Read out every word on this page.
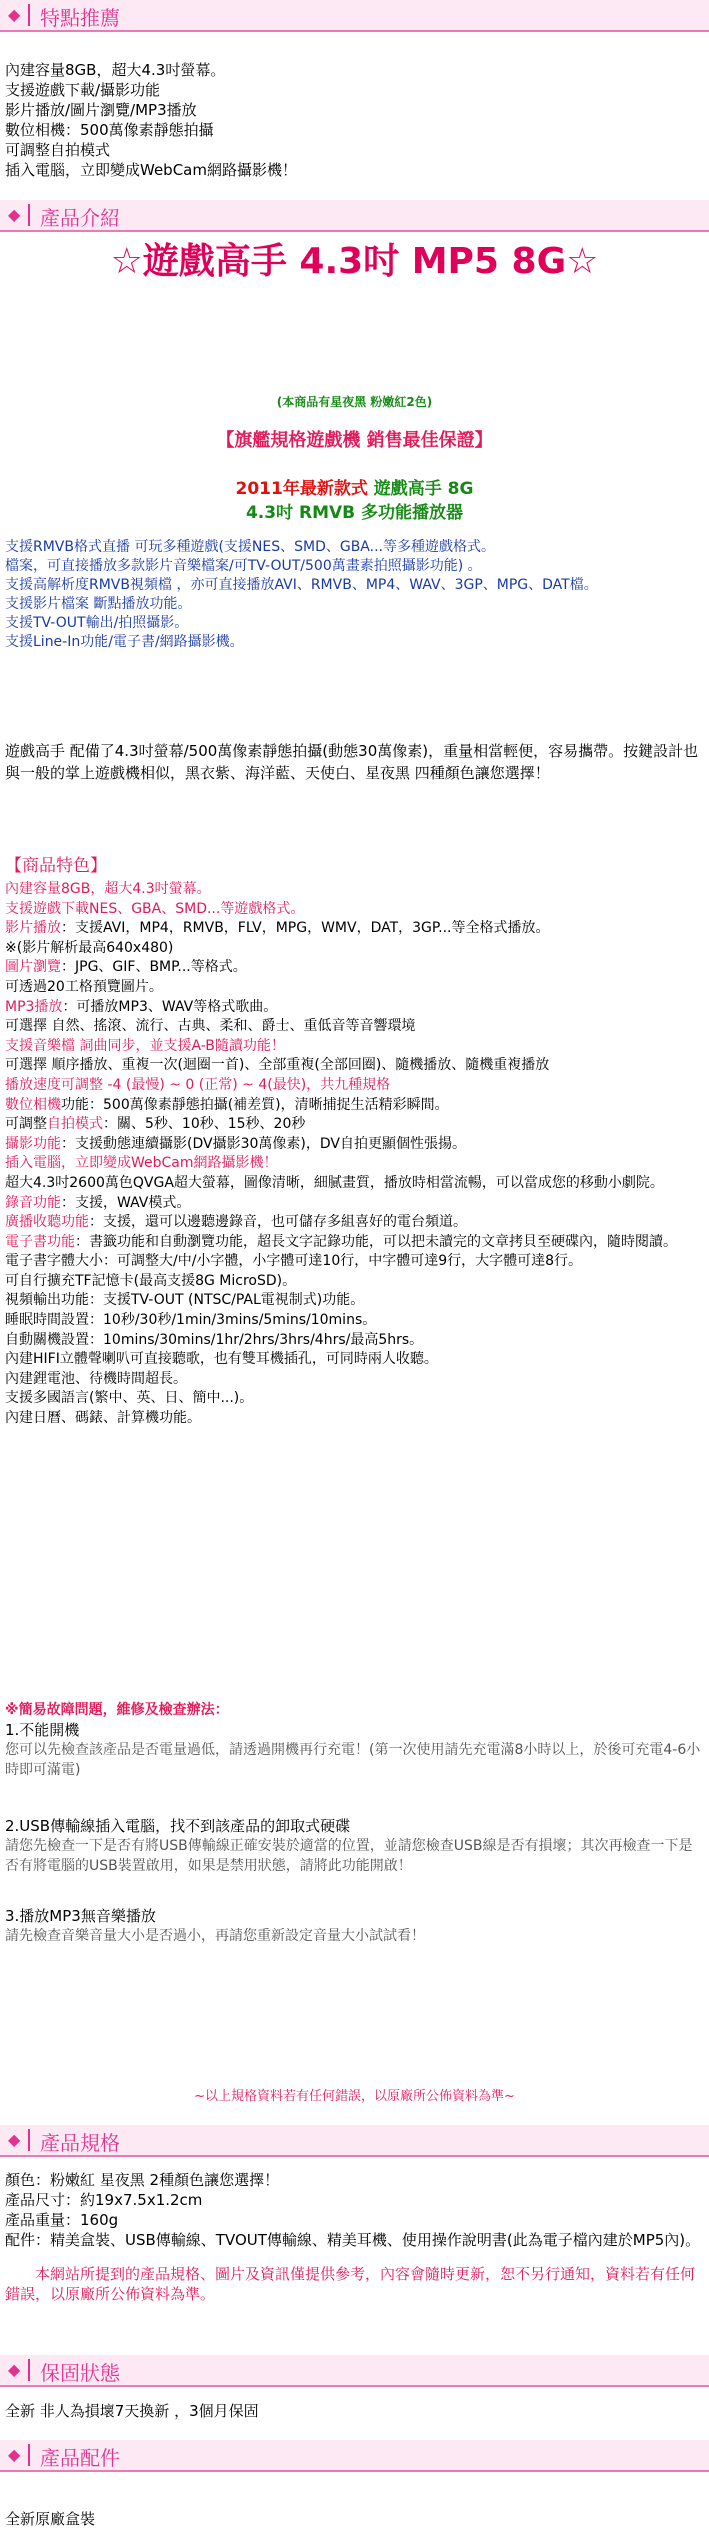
◆ 特點推薦

內建容量8GB，超大4.3吋螢幕。

支援遊戲下載/攝影功能

影片播放/圖片瀏覽/MP3播放

數位相機：500萬像素靜態拍攝

可調整自拍模式

插入電腦，立即變成WebCam網路攝影機！

◆ 產品介紹
☆遊戲高手 4.3吋 MP5 8G☆
(本商品有星夜黑 粉嫩紅2色)
【旗艦規格遊戲機 銷售最佳保證】
2011年最新款式 遊戲高手 8G
4.3吋 RMVB 多功能播放器

支援RMVB格式直播 可玩多種遊戲(支援NES、SMD、GBA...等多種遊戲格式。

檔案，可直接播放多款影片音樂檔案/可TV-OUT/500萬畫素拍照攝影功能) 。

支援高解析度RMVB視頻檔 ，亦可直接播放AVI、RMVB、MP4、WAV、3GP、MPG、DAT檔。

支援影片檔案 斷點播放功能。

支援TV-OUT輸出/拍照攝影。

支援Line-In功能/電子書/網路攝影機。

遊戲高手 配備了4.3吋螢幕/500萬像素靜態拍攝(動態30萬像素)，重量相當輕便，容易攜帶。按鍵設計也與一般的掌上遊戲機相似，黑衣紫、海洋藍、天使白、星夜黑 四種顏色讓您選擇！
【商品特色】

內建容量8GB，超大4.3吋螢幕。

支援遊戲下載NES、GBA、SMD...等遊戲格式。

影片播放：支援AVI，MP4，RMVB，FLV，MPG，WMV，DAT，3GP...等全格式播放。

※(影片解析最高640x480)

圖片瀏覽：JPG、GIF、BMP...等格式。

可透過20工格預覽圖片。

MP3播放：可播放MP3、WAV等格式歌曲。

可選擇 自然、搖滾、流行、古典、柔和、爵士、重低音等音響環境

支援音樂檔 詞曲同步，並支援A-B隨讀功能！

可選擇 順序播放、重複一次(迴圈一首)、全部重複(全部回圈)、隨機播放、隨機重複播放

播放速度可調整 -4 (最慢) ~ 0 (正常) ~ 4(最快)，共九種規格

數位相機功能：500萬像素靜態拍攝(補差質)，清晰捕捉生活精彩瞬間。

可調整自拍模式：關、5秒、10秒、15秒、20秒

攝影功能：支援動態連續攝影(DV攝影30萬像素)，DV自拍更顯個性張揚。

插入電腦，立即變成WebCam網路攝影機！

超大4.3吋2600萬色QVGA超大螢幕，圖像清晰，細膩畫質，播放時相當流暢，可以當成您的移動小劇院。

錄音功能：支援，WAV模式。

廣播收聽功能：支援，還可以邊聽邊錄音，也可儲存多組喜好的電台頻道。

電子書功能：書籤功能和自動瀏覽功能，超長文字記錄功能，可以把未讀完的文章拷貝至硬碟內，隨時閱讀。

電子書字體大小：可調整大/中/小字體，小字體可達10行，中字體可達9行，大字體可達8行。

可自行擴充TF記憶卡(最高支援8G MicroSD)。

視頻輸出功能：支援TV-OUT (NTSC/PAL電視制式)功能。

睡眠時間設置：10秒/30秒/1min/3mins/5mins/10mins。

自動關機設置：10mins/30mins/1hr/2hrs/3hrs/4hrs/最高5hrs。

內建HIFI立體聲喇叭可直接聽歌，也有雙耳機插孔，可同時兩人收聽。

內建鋰電池、待機時間超長。

支援多國語言(繁中、英、日、簡中...)。

內建日曆、碼錶、計算機功能。

※簡易故障問題，維修及檢查辦法：

1.不能開機

您可以先檢查該產品是否電量過低，請透過開機再行充電！(第一次使用請先充電滿8小時以上，於後可充電4-6小時即可滿電)

2.USB傳輸線插入電腦，找不到該產品的卸取式硬碟

請您先檢查一下是否有將USB傳輸線正確安裝於適當的位置，並請您檢查USB線是否有損壞；其次再檢查一下是否有將電腦的USB裝置啟用，如果是禁用狀態，請將此功能開啟！

3.播放MP3無音樂播放

請先檢查音樂音量大小是否過小，再請您重新設定音量大小試試看！

~以上規格資料若有任何錯誤，以原廠所公佈資料為準~
◆ 產品規格

顏色：粉嫩紅 星夜黑 2種顏色讓您選擇！

產品尺寸：約19x7.5x1.2cm

產品重量：160g

配件：精美盒裝、USB傳輸線、TVOUT傳輸線、精美耳機、使用操作說明書(此為電子檔內建於MP5內)。

本網站所提到的產品規格、圖片及資訊僅提供參考，內容會隨時更新，恕不另行通知，資料若有任何錯誤，以原廠所公佈資料為準。

◆ 保固狀態
全新 非人為損壞7天換新 ，3個月保固
◆ 產品配件
全新原廠盒裝
